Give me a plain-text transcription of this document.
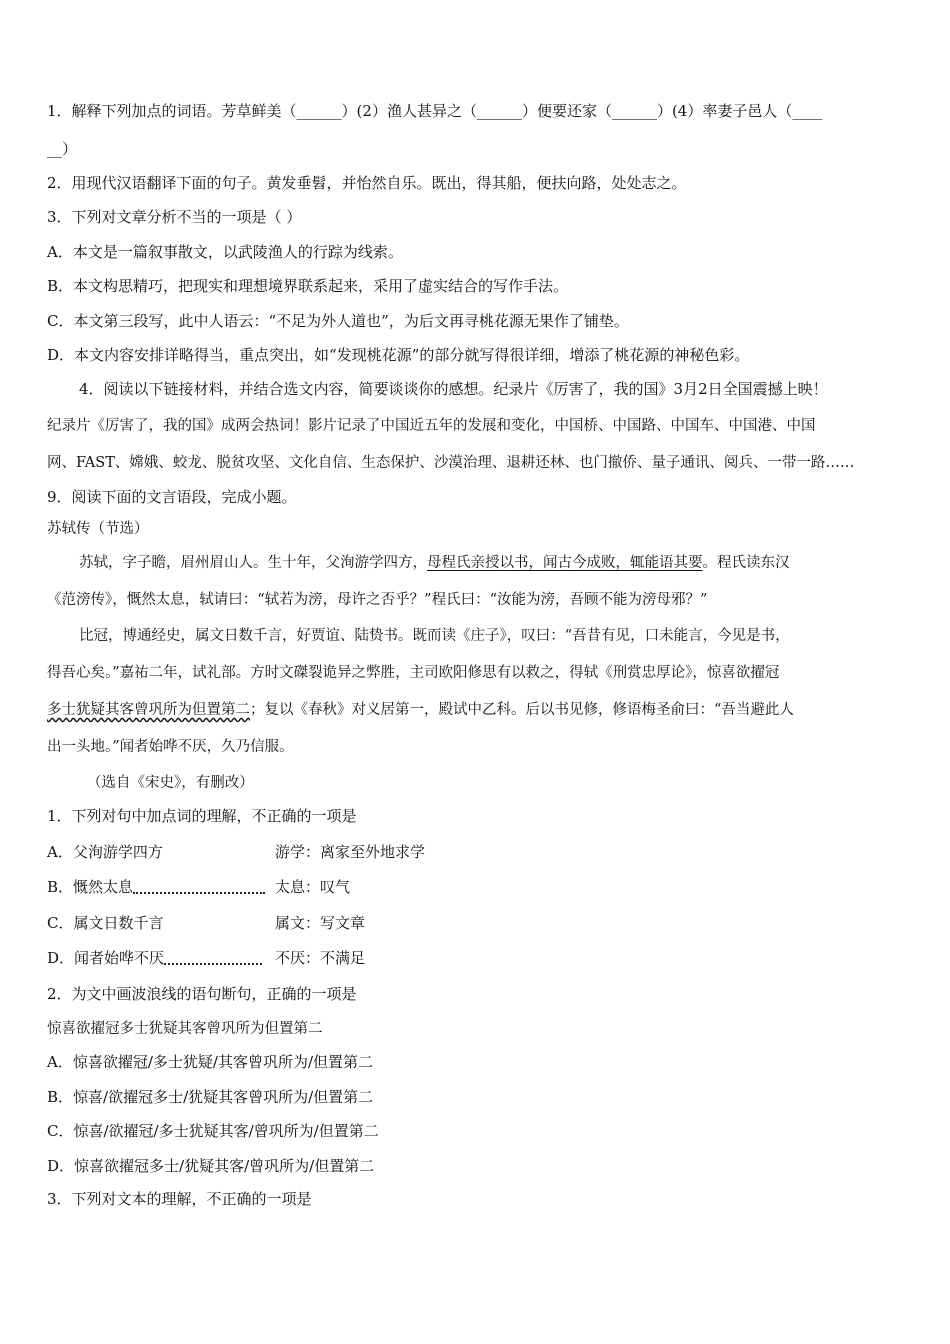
1．解释下列加点的词语。芳草鲜美（______）(2）渔人甚异之（______）便要还家（______）(4）率妻子邑人（____
__）
2．用现代汉语翻译下面的句子。黄发垂髫，并怡然自乐。既出，得其船，便扶向路，处处志之。
3．下列对文章分析不当的一项是（ ）
A．本文是一篇叙事散文，以武陵渔人的行踪为线索。
B．本文构思精巧，把现实和理想境界联系起来，采用了虚实结合的写作手法。
C．本文第三段写，此中人语云：“不足为外人道也”，为后文再寻桃花源无果作了铺垫。
D．本文内容安排详略得当，重点突出，如“发现桃花源”的部分就写得很详细，增添了桃花源的神秘色彩。
4．阅读以下链接材料，并结合选文内容，简要谈谈你的感想。纪录片《厉害了，我的国》3月2日全国震撼上映！
纪录片《厉害了，我的国》成两会热词！影片记录了中国近五年的发展和变化，中国桥、中国路、中国车、中国港、中国
网、FAST、嫦娥、蛟龙、脱贫攻坚、文化自信、生态保护、沙漠治理、退耕还林、也门撤侨、量子通讯、阅兵、一带一路……
9．阅读下面的文言语段，完成小题。
苏轼传（节选）
苏轼，字子瞻，眉州眉山人。生十年，父洵游学四方，母程氏亲授以书，闻古今成败，辄能语其要。程氏读东汉
《范滂传》，慨然太息，轼请曰：“轼若为滂，母许之否乎？”程氏曰：“汝能为滂，吾顾不能为滂母邪？”
比冠，博通经史，属文日数千言，好贾谊、陆贽书。既而读《庄子》，叹曰：“吾昔有见，口未能言，今见是书，
得吾心矣。”嘉祐二年，试礼部。方时文磔裂诡异之弊胜，主司欧阳修思有以救之，得轼《刑赏忠厚论》，惊喜欲擢冠
多士犹疑其客曾巩所为但置第二；复以《春秋》对义居第一，殿试中乙科。后以书见修，修语梅圣俞曰：“吾当避此人
出一头地。”闻者始哗不厌，久乃信服。
（选自《宋史》，有删改）
1．下列对句中加点词的理解，不正确的一项是
A．父洵游学四方	游学：离家至外地求学
B．慨然太息	太息：叹气
C．属文日数千言	属文：写文章
D．闻者始哗不厌	不厌：不满足
2．为文中画波浪线的语句断句，正确的一项是
惊喜欲擢冠多士犹疑其客曾巩所为但置第二
A．惊喜欲擢冠/多士犹疑/其客曾巩所为/但置第二
B．惊喜/欲擢冠多士/犹疑其客曾巩所为/但置第二
C．惊喜/欲擢冠/多士犹疑其客/曾巩所为/但置第二
D．惊喜欲擢冠多士/犹疑其客/曾巩所为/但置第二
3．下列对文本的理解，不正确的一项是
